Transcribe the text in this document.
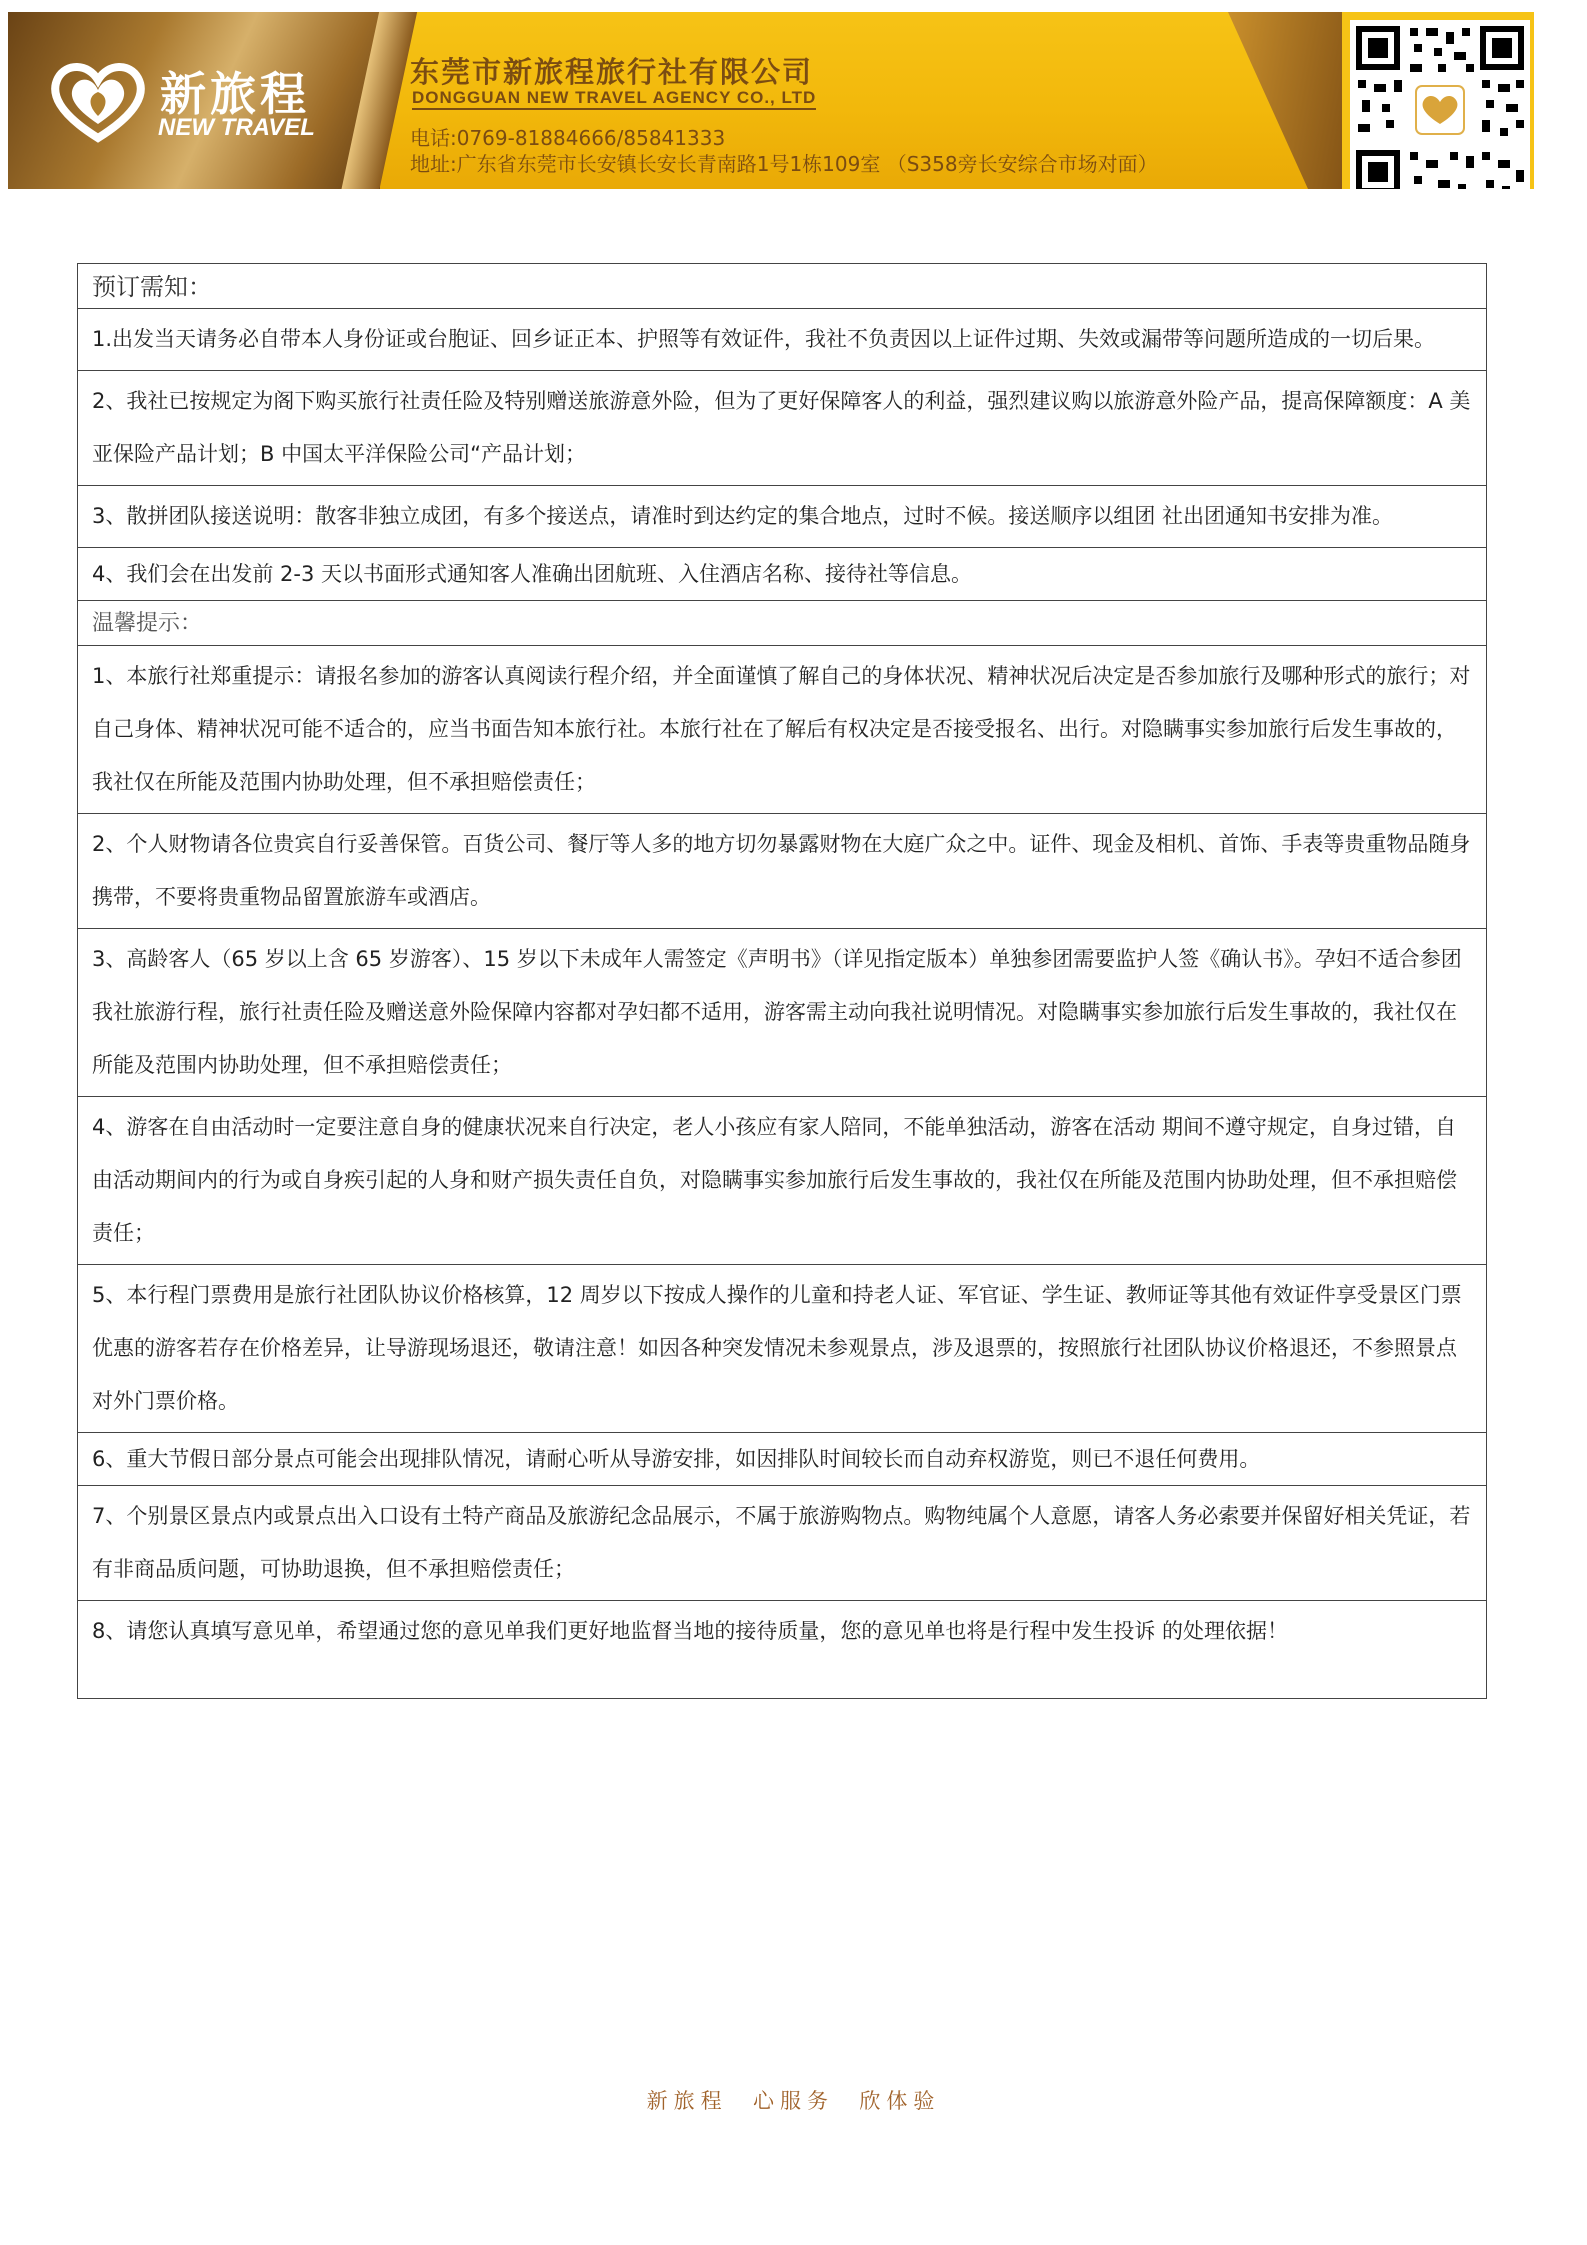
新旅程
NEW TRAVEL
东莞市新旅程旅行社有限公司
DONGGUAN NEW TRAVEL AGENCY CO., LTD
电话:0769-81884666/85841333
地址:广东省东莞市长安镇长安长青南路1号1栋109室 （S358旁长安综合市场对面）
预订需知：
1.出发当天请务必自带本人身份证或台胞证、回乡证正本、护照等有效证件，我社不负责因以上证件过期、失效或漏带等问题所造成的一切后果。
2、我社已按规定为阁下购买旅行社责任险及特别赠送旅游意外险，但为了更好保障客人的利益，强烈建议购以旅游意外险产品，提高保障额度：A 美亚保险产品计划；B 中国太平洋保险公司“产品计划；
3、散拼团队接送说明：散客非独立成团，有多个接送点，请准时到达约定的集合地点，过时不候。接送顺序以组团 社出团通知书安排为准。
4、我们会在出发前 2-3 天以书面形式通知客人准确出团航班、入住酒店名称、接待社等信息。
温馨提示：
1、本旅行社郑重提示：请报名参加的游客认真阅读行程介绍，并全面谨慎了解自己的身体状况、精神状况后决定是否参加旅行及哪种形式的旅行；对自己身体、精神状况可能不适合的，应当书面告知本旅行社。本旅行社在了解后有权决定是否接受报名、出行。对隐瞒事实参加旅行后发生事故的，我社仅在所能及范围内协助处理，但不承担赔偿责任；
2、个人财物请各位贵宾自行妥善保管。百货公司、餐厅等人多的地方切勿暴露财物在大庭广众之中。证件、现金及相机、首饰、手表等贵重物品随身携带，不要将贵重物品留置旅游车或酒店。
3、高龄客人（65 岁以上含 65 岁游客）、15 岁以下未成年人需签定《声明书》（详见指定版本）单独参团需要监护人签《确认书》。孕妇不适合参团我社旅游行程，旅行社责任险及赠送意外险保障内容都对孕妇都不适用，游客需主动向我社说明情况。对隐瞒事实参加旅行后发生事故的，我社仅在所能及范围内协助处理，但不承担赔偿责任；
4、游客在自由活动时一定要注意自身的健康状况来自行决定，老人小孩应有家人陪同，不能单独活动，游客在活动 期间不遵守规定，自身过错，自由活动期间内的行为或自身疾引起的人身和财产损失责任自负，对隐瞒事实参加旅行后发生事故的，我社仅在所能及范围内协助处理，但不承担赔偿责任；
5、本行程门票费用是旅行社团队协议价格核算，12 周岁以下按成人操作的儿童和持老人证、军官证、学生证、教师证等其他有效证件享受景区门票优惠的游客若存在价格差异，让导游现场退还，敬请注意！如因各种突发情况未参观景点，涉及退票的，按照旅行社团队协议价格退还，不参照景点对外门票价格。
6、重大节假日部分景点可能会出现排队情况，请耐心听从导游安排，如因排队时间较长而自动弃权游览，则已不退任何费用。
7、个别景区景点内或景点出入口设有土特产商品及旅游纪念品展示，不属于旅游购物点。购物纯属个人意愿，请客人务必索要并保留好相关凭证，若有非商品质问题，可协助退换，但不承担赔偿责任；
8、请您认真填写意见单，希望通过您的意见单我们更好地监督当地的接待质量，您的意见单也将是行程中发生投诉 的处理依据！
新旅程  心服务  欣体验
